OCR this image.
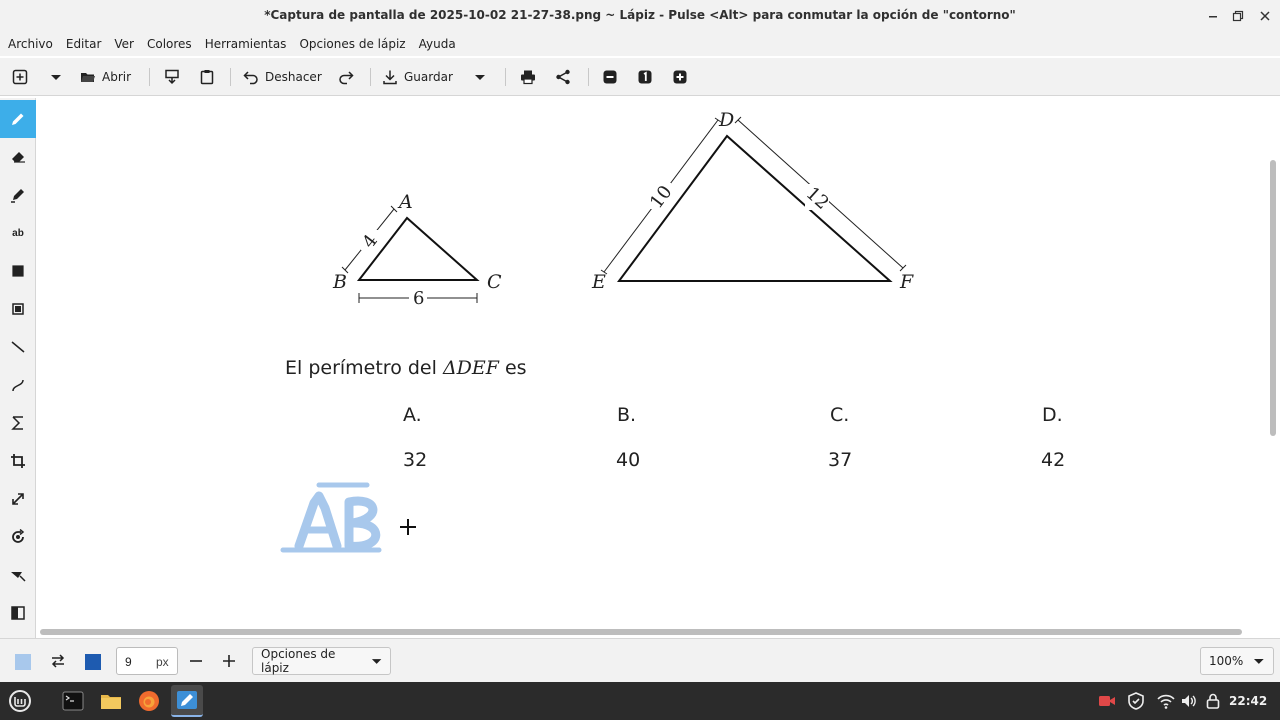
*Captura de pantalla de 2025-10-02 21-27-38.png ~ Lápiz - Pulse <Alt> para conmutar la opción de "contorno"
Archivo Editar Ver Colores Herramientas Opciones de lápiz Ayuda
Abrir	Deshacer	Guardar
ab
A
B	C
4
6
D
E	F
10	12
El perímetro del ΔDEF es
A.	B.	C.	D.
32	40	37	42
9 px
Opciones de lápiz	100%
22:42
